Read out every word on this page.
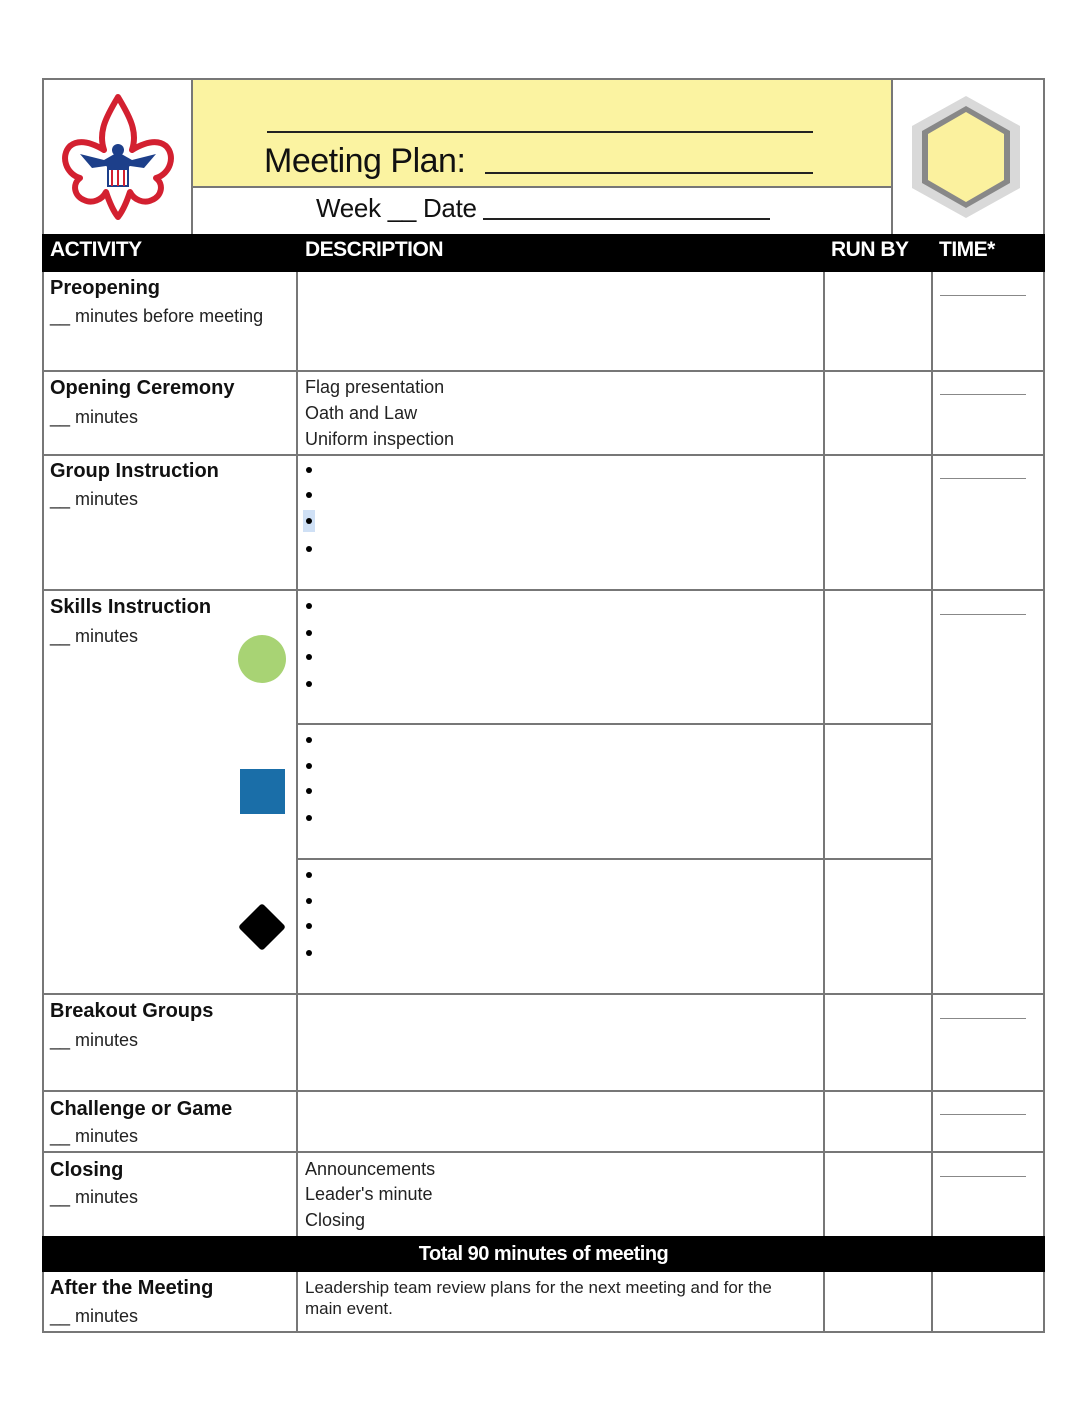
Meeting Plan:
Week __ Date
ACTIVITY	DESCRIPTION	RUN BY TIME*
Preopening
__ minutes before meeting
Opening Ceremony
__ minutes
Flag presentation
Oath and Law
Uniform inspection
Group Instruction
__ minutes
Skills Instruction
__ minutes
Breakout Groups
__ minutes
Challenge or Game
__ minutes
Closing
__ minutes
Announcements
Leader's minute
Closing
Total 90 minutes of meeting
After the Meeting
__ minutes
Leadership team review plans for the next meeting and for the main event.
